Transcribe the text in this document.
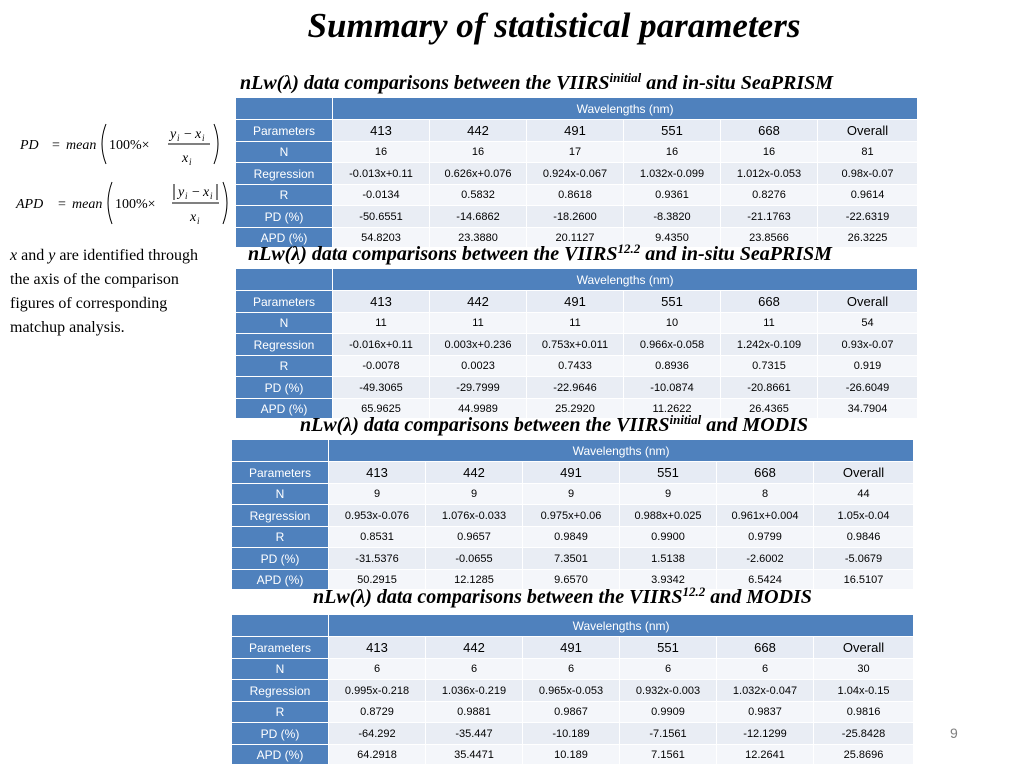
Summary of statistical parameters
PD = mean 100%×
y i − x i
x i
APD = mean 100%×
y i − x i
x i
x and y are identified through the axis of the comparison figures of corresponding matchup analysis.
nLw(λ) data comparisons between the $VIIRS^{initial}$ and in-situ SeaPRISM
	Wavelengths (nm)					
Parameters	413	442	491	551	668	Overall
N	16	16	17	16	16	81
Regression	-0.013x+0.11	0.626x+0.076	0.924x-0.067	1.032x-0.099	1.012x-0.053	0.98x-0.07
R	-0.0134	0.5832	0.8618	0.9361	0.8276	0.9614
PD (%)	-50.6551	-14.6862	-18.2600	-8.3820	-21.1763	-22.6319
APD (%)	54.8203	23.3880	20.1127	9.4350	23.8566	26.3225
nLw(λ) data comparisons between the $VIIRS^{12.2}$ and in-situ SeaPRISM
	Wavelengths (nm)					
Parameters	413	442	491	551	668	Overall
N	11	11	11	10	11	54
Regression	-0.016x+0.11	0.003x+0.236	0.753x+0.011	0.966x-0.058	1.242x-0.109	0.93x-0.07
R	-0.0078	0.0023	0.7433	0.8936	0.7315	0.919
PD (%)	-49.3065	-29.7999	-22.9646	-10.0874	-20.8661	-26.6049
APD (%)	65.9625	44.9989	25.2920	11.2622	26.4365	34.7904
nLw(λ) data comparisons between the $VIIRS^{initial}$ and MODIS
	Wavelengths (nm)					
Parameters	413	442	491	551	668	Overall
N	9	9	9	9	8	44
Regression	0.953x-0.076	1.076x-0.033	0.975x+0.06	0.988x+0.025	0.961x+0.004	1.05x-0.04
R	0.8531	0.9657	0.9849	0.9900	0.9799	0.9846
PD (%)	-31.5376	-0.0655	7.3501	1.5138	-2.6002	-5.0679
APD (%)	50.2915	12.1285	9.6570	3.9342	6.5424	16.5107
nLw(λ) data comparisons between the $VIIRS^{12.2}$ and MODIS
	Wavelengths (nm)					
Parameters	413	442	491	551	668	Overall
N	6	6	6	6	6	30
Regression	0.995x-0.218	1.036x-0.219	0.965x-0.053	0.932x-0.003	1.032x-0.047	1.04x-0.15
R	0.8729	0.9881	0.9867	0.9909	0.9837	0.9816
PD (%)	-64.292	-35.447	-10.189	-7.1561	-12.1299	-25.8428
APD (%)	64.2918	35.4471	10.189	7.1561	12.2641	25.8696
9
